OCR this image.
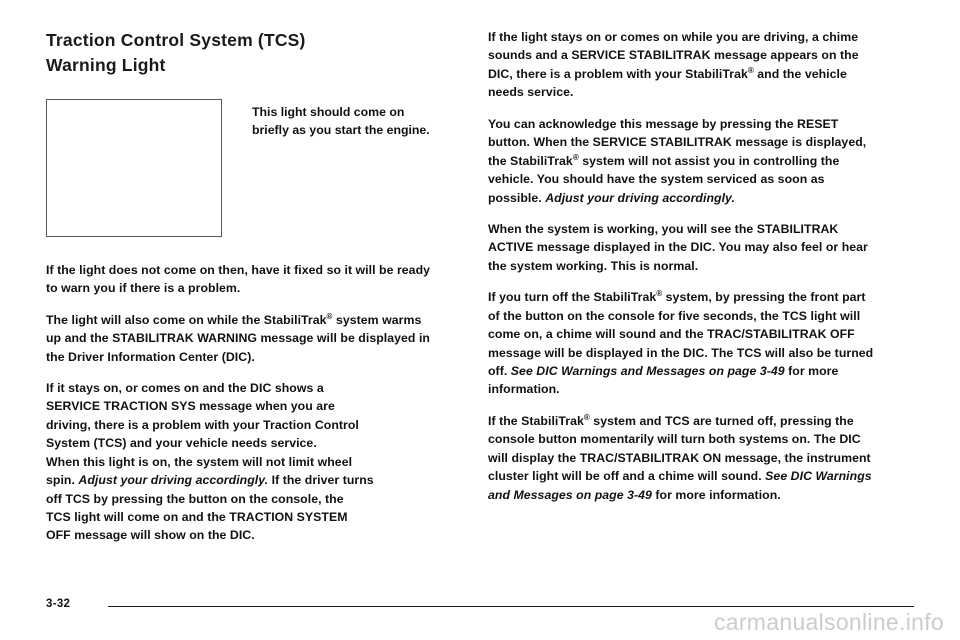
Traction Control System (TCS)
Warning Light
This light should come on briefly as you start the engine.

If the light does not come on then, have it fixed so it will be ready to warn you if there is a problem.

The light will also come on while the StabiliTrak® system warms up and the STABILITRAK WARNING message will be displayed in the Driver Information Center (DIC).

If it stays on, or comes on and the DIC shows a
SERVICE TRACTION SYS message when you are
driving, there is a problem with your Traction Control
System (TCS) and your vehicle needs service.
When this light is on, the system will not limit wheel
spin. Adjust your driving accordingly. If the driver turns
off TCS by pressing the button on the console, the
TCS light will come on and the TRACTION SYSTEM
OFF message will show on the DIC.

If the light stays on or comes on while you are driving, a chime sounds and a SERVICE STABILITRAK message appears on the DIC, there is a problem with your StabiliTrak® and the vehicle needs service.

You can acknowledge this message by pressing the RESET button. When the SERVICE STABILITRAK message is displayed, the StabiliTrak® system will not assist you in controlling the vehicle. You should have the system serviced as soon as possible. Adjust your driving accordingly.

When the system is working, you will see the STABILITRAK ACTIVE message displayed in the DIC. You may also feel or hear the system working. This is normal.

If you turn off the StabiliTrak® system, by pressing the front part of the button on the console for five seconds, the TCS light will come on, a chime will sound and the TRAC/STABILITRAK OFF message will be displayed in the DIC. The TCS will also be turned off. See DIC Warnings and Messages on page 3-49 for more information.

If the StabiliTrak® system and TCS are turned off, pressing the console button momentarily will turn both systems on. The DIC will display the TRAC/STABILITRAK ON message, the instrument cluster light will be off and a chime will sound. See DIC Warnings and Messages on page 3-49 for more information.

3-32
carmanualsonline.info
